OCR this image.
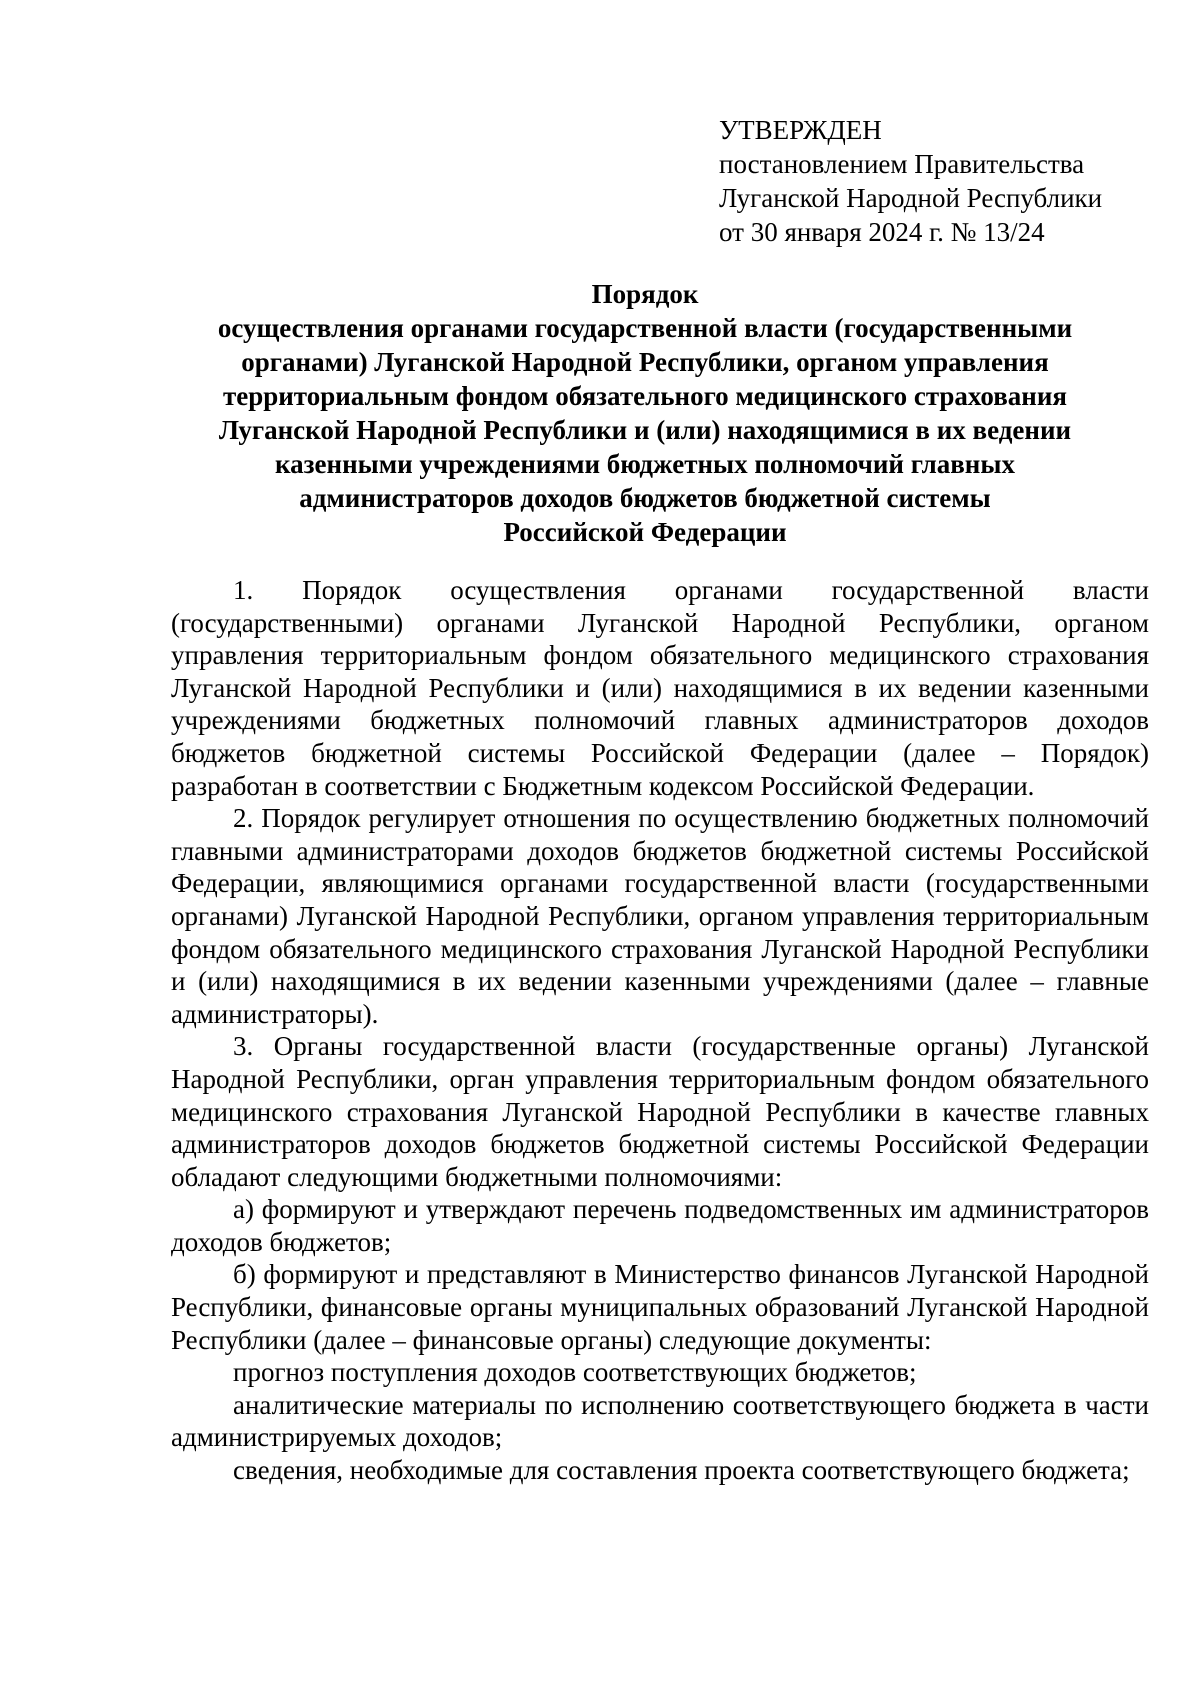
УТВЕРЖДЕН
постановлением Правительства
Луганской Народной Республики
от 30 января 2024 г. № 13/24
Порядок
осуществления органами государственной власти (государственными
органами) Луганской Народной Республики, органом управления
территориальным фондом обязательного медицинского страхования
Луганской Народной Республики и (или) находящимися в их ведении
казенными учреждениями бюджетных полномочий главных
администраторов доходов бюджетов бюджетной системы
Российской Федерации

1. Порядок осуществления органами государственной власти (государственными) органами Луганской Народной Республики, органом управления территориальным фондом обязательного медицинского страхования Луганской Народной Республики и (или) находящимися в их ведении казенными учреждениями бюджетных полномочий главных администраторов доходов бюджетов бюджетной системы Российской Федерации (далее – Порядок) разработан в соответствии с Бюджетным кодексом Российской Федерации.

2. Порядок регулирует отношения по осуществлению бюджетных полномочий главными администраторами доходов бюджетов бюджетной системы Российской Федерации, являющимися органами государственной власти (государственными органами) Луганской Народной Республики, органом управления территориальным фондом обязательного медицинского страхования Луганской Народной Республики и (или) находящимися в их ведении казенными учреждениями (далее – главные администраторы).

3. Органы государственной власти (государственные органы) Луганской Народной Республики, орган управления территориальным фондом обязательного медицинского страхования Луганской Народной Республики в качестве главных администраторов доходов бюджетов бюджетной системы Российской Федерации обладают следующими бюджетными полномочиями:

а) формируют и утверждают перечень подведомственных им администраторов доходов бюджетов;

б) формируют и представляют в Министерство финансов Луганской Народной Республики, финансовые органы муниципальных образований Луганской Народной Республики (далее – финансовые органы) следующие документы:

прогноз поступления доходов соответствующих бюджетов;

аналитические материалы по исполнению соответствующего бюджета в части администрируемых доходов;

сведения, необходимые для составления проекта соответствующего бюджета;
